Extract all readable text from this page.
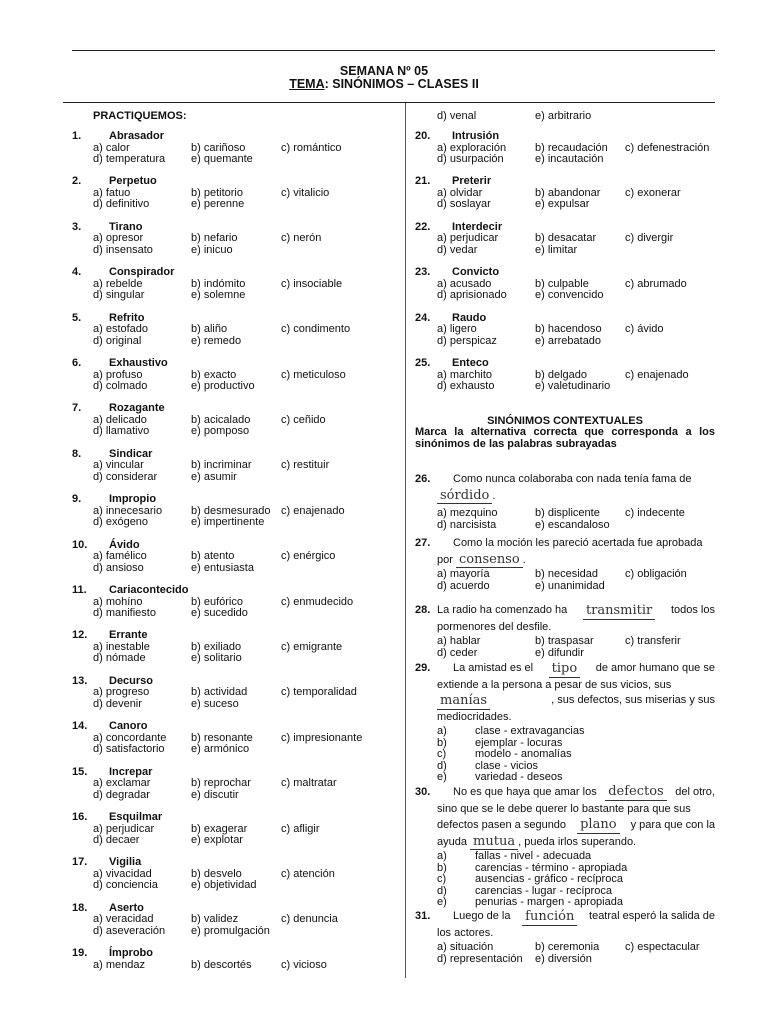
SEMANA Nº 05
TEMA: SINÓNIMOS – CLASES II
PRACTIQUEMOS:
1.	Abrasador
a) calor	b) cariñoso	c) romántico
d) temperatura e) quemante
2.	Perpetuo
a) fatuo	b) petitorio	c) vitalicio
d) definitivo	e) perenne
3.	Tirano
a) opresor	b) nefario	c) nerón
d) insensato	e) inicuo
4.	Conspirador
a) rebelde	b) indómito	c) insociable
d) singular	e) solemne
5.	Refrito
a) estofado	b) aliño	c) condimento
d) original	e) remedo
6.	Exhaustivo
a) profuso	b) exacto	c) meticuloso
d) colmado	e) productivo
7.	Rozagante
a) delicado	b) acicalado	c) ceñido
d) llamativo	e) pomposo
8.	Sindicar
a) vincular	b) incriminar	c) restituir
d) considerar	e) asumir
9.	Impropio
a) innecesario	b) desmesurado c) enajenado
d) exógeno	e) impertinente
10. Ávido
a) famélico	b) atento	c) enérgico
d) ansioso	e) entusiasta
11. Cariacontecido
a) mohíno	b) eufórico	c) enmudecido
d) manifiesto	e) sucedido
12. Errante
a) inestable	b) exiliado	c) emigrante
d) nómade	e) solitario
13. Decurso
a) progreso	b) actividad	c) temporalidad
d) devenir	e) suceso
14. Canoro
a) concordante b) resonante	c) impresionante
d) satisfactorio e) armónico
15. Increpar
a) exclamar	b) reprochar	c) maltratar
d) degradar	e) discutir
16. Esquilmar
a) perjudicar	b) exagerar	c) afligir
d) decaer	e) explotar
17. Vigilia
a) vivacidad	b) desvelo	c) atención
d) conciencia	e) objetividad
18. Aserto
a) veracidad	b) validez	c) denuncia
d) aseveración e) promulgación
19. Ímprobo
a) mendaz	b) descortés	c) vicioso
d) venal	e) arbitrario
20. Intrusión
a) exploración	b) recaudación c) defenestración
d) usurpación	e) incautación
21. Preterir
a) olvidar	b) abandonar c) exonerar
d) soslayar	e) expulsar
22. Interdecir
a) perjudicar	b) desacatar	c) divergir
d) vedar	e) limitar
23. Convicto
a) acusado	b) culpable	c) abrumado
d) aprisionado	e) convencido
24. Raudo
a) ligero	b) hacendoso c) ávido
d) perspicaz	e) arrebatado
25. Enteco
a) marchito	b) delgado	c) enajenado
d) exhausto	e) valetudinario
SINÓNIMOS CONTEXTUALES
Marca la alternativa correcta que corresponda a los sinónimos de las palabras subrayadas
26.	Como nunca colaboraba con nada tenía fama de
sórdido .
a) mezquino	b) displicente c) indecente
d) narcisista	e) escandaloso
27.	Como la moción les pareció acertada fue aprobada
por consenso .
a) mayoría	b) necesidad c) obligación
d) acuerdo	e) unanimidad
28. La radio ha comenzado ha transmitir todos los
pormenores del desfile.
a) hablar	b) traspasar	c) transferir
d) ceder	e) difundir
29. La amistad es el tipo de amor humano que se
extiende a la persona a pesar de sus vicios, sus
manías	, sus defectos, sus miserias y sus
mediocridades.
a)	clase - extravagancias
b)	ejemplar - locuras
c)	modelo - anomalías
d)	clase - vicios
e)	variedad - deseos
30. No es que haya que amar los defectos del otro,
sino que se le debe querer lo bastante para que sus
defectos pasen a segundo plano y para que con la
ayuda mutua , pueda irlos superando.
a)	fallas - nivel - adecuada
b)	carencias - término - apropiada
c)	ausencias - gráfico - recíproca
d)	carencias - lugar - recíproca
e)	penurias - margen - apropiada
31. Luego de la función teatral esperó la salida de
los actores.
a) situación	b) ceremonia c) espectacular
d) representación e) diversión
